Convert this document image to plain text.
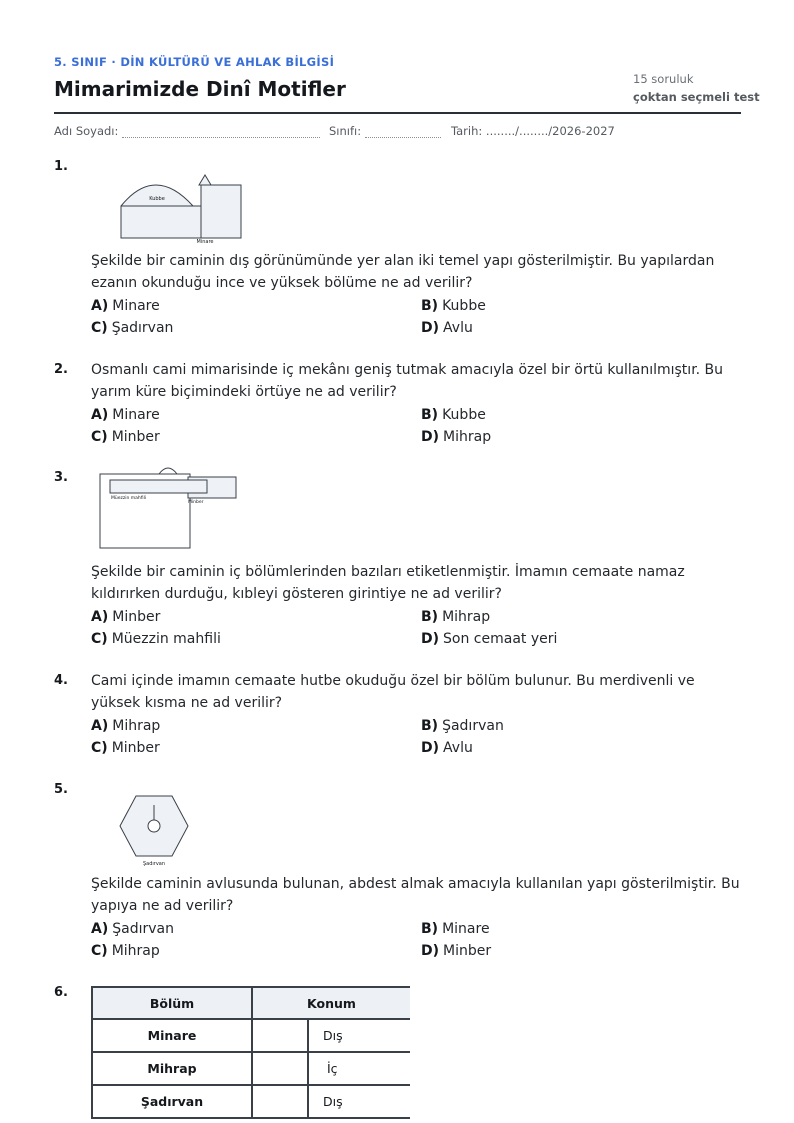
5. SINIF · DİN KÜLTÜRÜ VE AHLAK BİLGİSİ
Mimarimizde Dinî Motifler	15 soruluk
çoktan seçmeli test
Adı Soyadı:	Sınıfı:	Tarih: ......../......../2026-2027
1.
Kubbe
Minare
Şekilde bir caminin dış görünümünde yer alan iki temel yapı gösterilmiştir. Bu yapılardan ezanın okunduğu ince ve yüksek bölüme ne ad verilir?
A) Minare	B) Kubbe
C) Şadırvan	D) Avlu
2. Osmanlı cami mimarisinde iç mekânı geniş tutmak amacıyla özel bir örtü kullanılmıştır. Bu yarım küre biçimindeki örtüye ne ad verilir?
A) Minare	B) Kubbe
C) Minber	D) Mihrap
3.
Müezzin mahfili
Minber
Şekilde bir caminin iç bölümlerinden bazıları etiketlenmiştir. İmamın cemaate namaz kıldırırken durduğu, kıbleyi gösteren girintiye ne ad verilir?
A) Minber	B) Mihrap
C) Müezzin mahfili	D) Son cemaat yeri
4. Cami içinde imamın cemaate hutbe okuduğu özel bir bölüm bulunur. Bu merdivenli ve yüksek kısma ne ad verilir?
A) Mihrap	B) Şadırvan
C) Minber	D) Avlu
5.
Şadırvan
Şekilde caminin avlusunda bulunan, abdest almak amacıyla kullanılan yapı gösterilmiştir. Bu yapıya ne ad verilir?
A) Şadırvan	B) Minare
C) Mihrap	D) Minber
6.
Bölüm	Konum	
Minare		Dış
Mihrap		İç
Şadırvan		Dış
